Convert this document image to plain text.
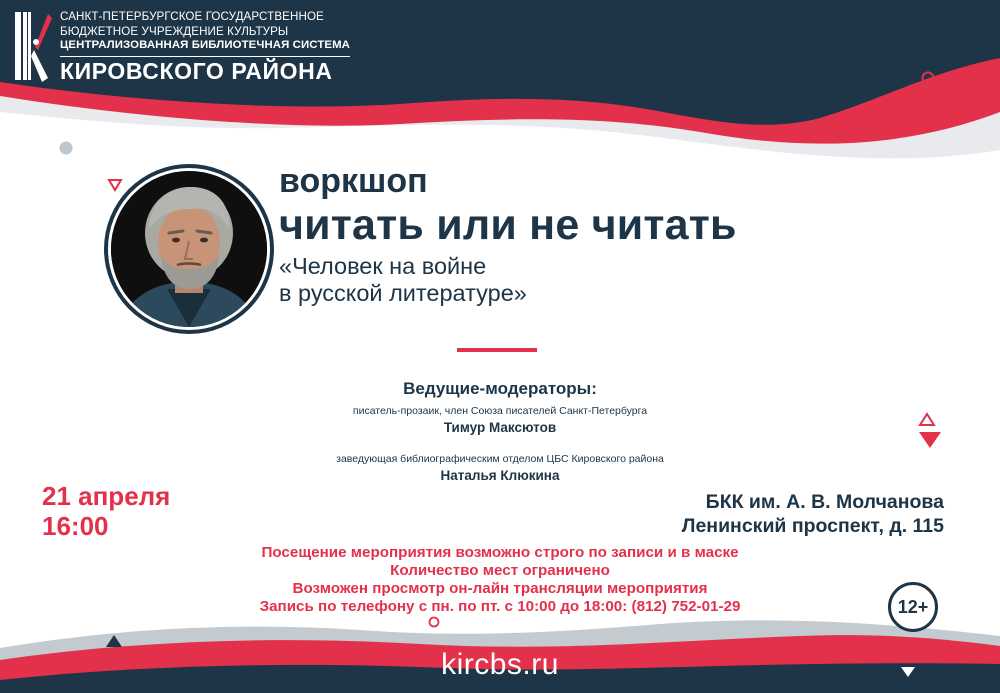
САНКТ-ПЕТЕРБУРГСКОЕ ГОСУДАРСТВЕННОЕ
БЮДЖЕТНОЕ УЧРЕЖДЕНИЕ КУЛЬТУРЫ
ЦЕНТРАЛИЗОВАННАЯ БИБЛИОТЕЧНАЯ СИСТЕМА
КИРОВСКОГО РАЙОНА
воркшоп
читать или не читать
«Человек на войне
в русской литературе»
Ведущие-модераторы:
писатель-прозаик, член Союза писателей Санкт-Петербурга
Тимур Максютов
заведующая библиографическим отделом ЦБС Кировского района
Наталья Клюкина
21 апреля
16:00
БКК им. А. В. Молчанова
Ленинский проспект, д. 115
Посещение мероприятия возможно строго по записи и в маске
Количество мест ограничено
Возможен просмотр он-лайн трансляции мероприятия
Запись по телефону с пн. по пт. с 10:00 до 18:00: (812) 752-01-29	12+
kircbs.ru
